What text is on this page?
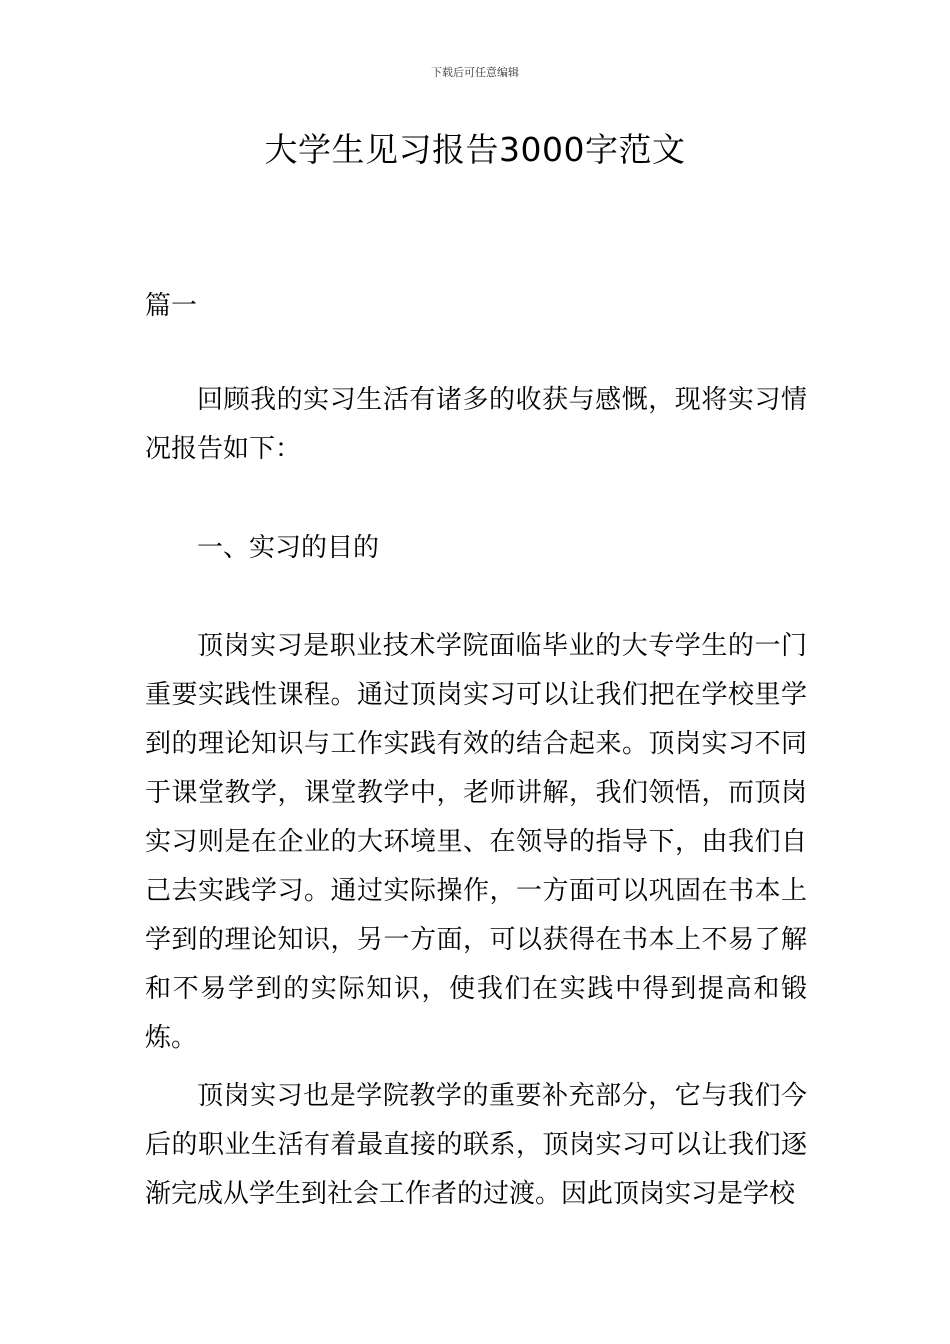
下载后可任意编辑
大学生见习报告3000字范文

篇一

回顾我的实习生活有诸多的收获与感慨，现将实习情况报告如下：

一、实习的目的

顶岗实习是职业技术学院面临毕业的大专学生的一门重要实践性课程。通过顶岗实习可以让我们把在学校里学到的理论知识与工作实践有效的结合起来。顶岗实习不同于课堂教学，课堂教学中，老师讲解，我们领悟，而顶岗实习则是在企业的大环境里、在领导的指导下，由我们自己去实践学习。通过实际操作，一方面可以巩固在书本上学到的理论知识，另一方面，可以获得在书本上不易了解和不易学到的实际知识，使我们在实践中得到提高和锻炼。

顶岗实习也是学院教学的重要补充部分，它与我们今后的职业生活有着最直接的联系，顶岗实习可以让我们逐渐完成从学生到社会工作者的过渡。因此顶岗实习是学校
